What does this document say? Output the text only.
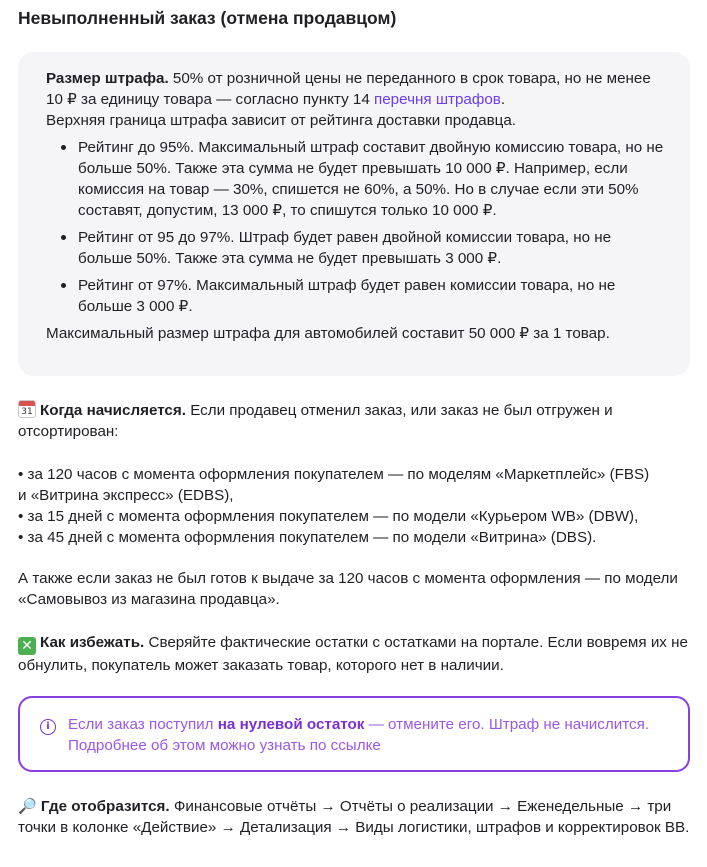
Невыполненный заказ (отмена продавцом)

Размер штрафа. 50% от розничной цены не переданного в срок товара, но не менее 10 ₽ за единицу товара — согласно пункту 14 перечня штрафов.

Верхняя граница штрафа зависит от рейтинга доставки продавца.

Рейтинг до 95%. Максимальный штраф составит двойную комиссию товара, но не больше 50%. Также эта сумма не будет превышать 10 000 ₽. Например, если комиссия на товар — 30%, спишется не 60%, а 50%. Но в случае если эти 50% составят, допустим, 13 000 ₽, то спишутся только 10 000 ₽.
Рейтинг от 95 до 97%. Штраф будет равен двойной комиссии товара, но не больше 50%. Также эта сумма не будет превышать 3 000 ₽.
Рейтинг от 97%. Максимальный штраф будет равен комиссии товара, но не больше 3 000 ₽.

Максимальный размер штрафа для автомобилей составит 50 000 ₽ за 1 товар.

31 Когда начисляется. Если продавец отменил заказ, или заказ не был отгружен и отсортирован:

• за 120 часов с момента оформления покупателем — по моделям «Маркетплейс» (FBS)
и «Витрина экспресс» (EDBS),
• за 15 дней с момента оформления покупателем — по модели «Курьером WB» (DBW),
• за 45 дней с момента оформления покупателем — по модели «Витрина» (DBS).

А также если заказ не был готов к выдаче за 120 часов с момента оформления — по модели «Самовывоз из магазина продавца».

✕ Как избежать. Сверяйте фактические остатки с остатками на портале. Если вовремя их не обнулить, покупатель может заказать товар, которого нет в наличии.

i	Если заказ поступил на нулевой остаток — отмените его. Штраф не начислится. Подробнее об этом можно узнать по ссылке

🔎 Где отобразится. Финансовые отчёты → Отчёты о реализации → Еженедельные → три точки в колонке «Действие» → Детализация → Виды логистики, штрафов и корректировок ВВ.
